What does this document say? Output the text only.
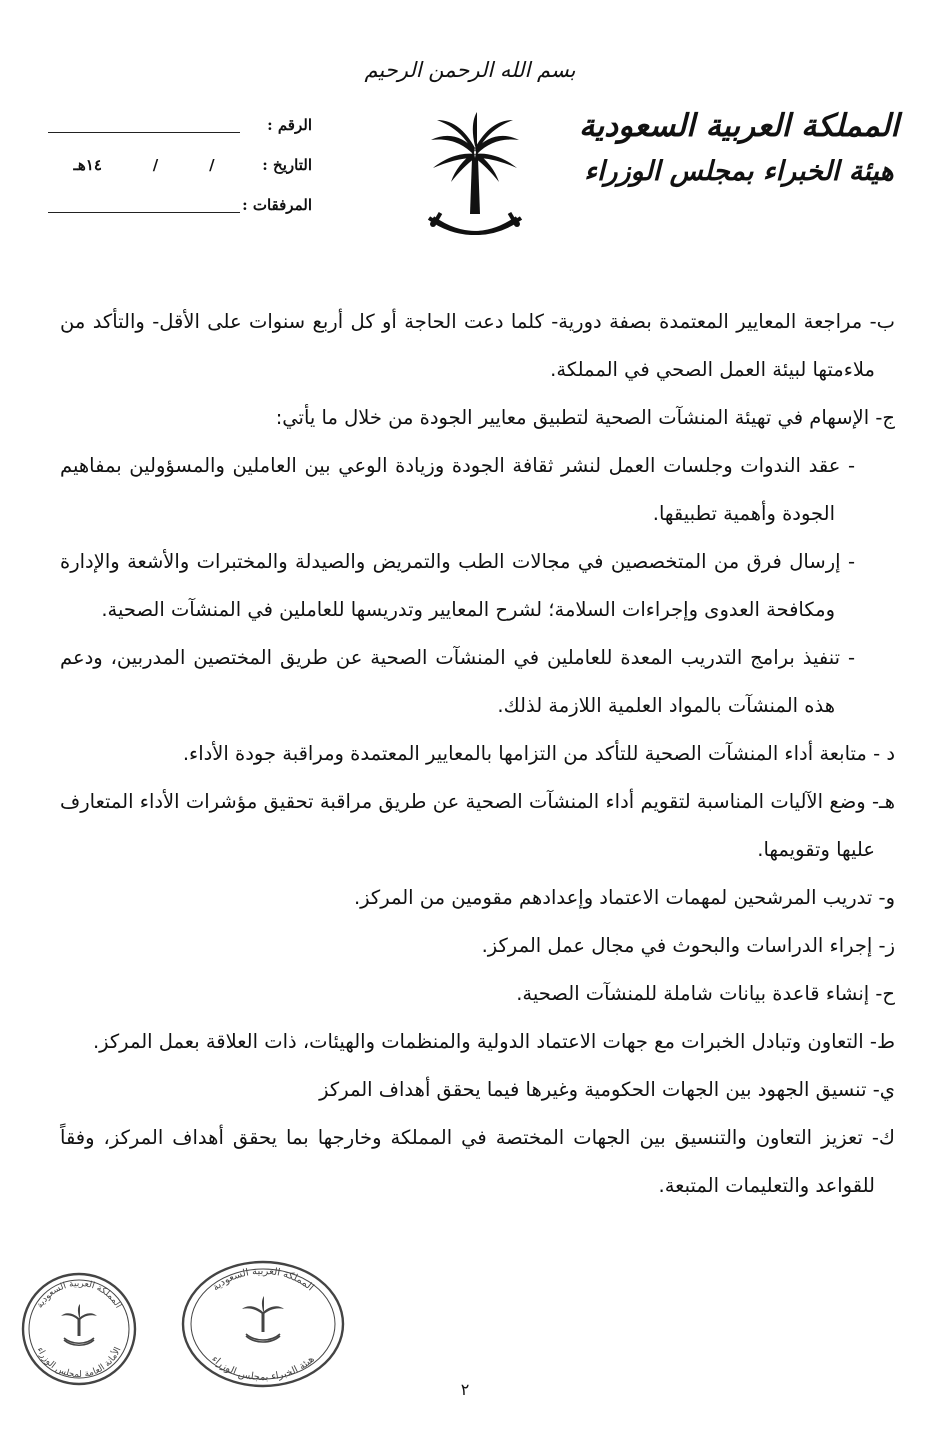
بسم الله الرحمن الرحيم
المملكة العربية السعودية
هيئة الخبراء بمجلس الوزراء
الرقم :
التاريخ :
/
/
١٤هـ
المرفقات :

ب- مراجعة المعايير المعتمدة بصفة دورية- كلما دعت الحاجة أو كل أربع سنوات على الأقل- والتأكد من ملاءمتها لبيئة العمل الصحي في المملكة.

ج- الإسهام في تهيئة المنشآت الصحية لتطبيق معايير الجودة من خلال ما يأتي:

- عقد الندوات وجلسات العمل لنشر ثقافة الجودة وزيادة الوعي بين العاملين والمسؤولين بمفاهيم الجودة وأهمية تطبيقها.

- إرسال فرق من المتخصصين في مجالات الطب والتمريض والصيدلة والمختبرات والأشعة والإدارة ومكافحة العدوى وإجراءات السلامة؛ لشرح المعايير وتدريسها للعاملين في المنشآت الصحية.

- تنفيذ برامج التدريب المعدة للعاملين في المنشآت الصحية عن طريق المختصين المدربين، ودعم هذه المنشآت بالمواد العلمية اللازمة لذلك.

د - متابعة أداء المنشآت الصحية للتأكد من التزامها بالمعايير المعتمدة ومراقبة جودة الأداء.

هـ- وضع الآليات المناسبة لتقويم أداء المنشآت الصحية عن طريق مراقبة تحقيق مؤشرات الأداء المتعارف عليها وتقويمها.

و- تدريب المرشحين لمهمات الاعتماد وإعدادهم مقومين من المركز.

ز- إجراء الدراسات والبحوث في مجال عمل المركز.

ح- إنشاء قاعدة بيانات شاملة للمنشآت الصحية.

ط- التعاون وتبادل الخبرات مع جهات الاعتماد الدولية والمنظمات والهيئات، ذات العلاقة بعمل المركز.

ي- تنسيق الجهود بين الجهات الحكومية وغيرها فيما يحقق أهداف المركز

ك- تعزيز التعاون والتنسيق بين الجهات المختصة في المملكة وخارجها بما يحقق أهداف المركز، وفقاً للقواعد والتعليمات المتبعة.

المملكة العربية السعودية
الأمانة العامة لمجلس الوزراء
المملكة العربية السعودية
هيئة الخبراء بمجلس الوزراء
٢
